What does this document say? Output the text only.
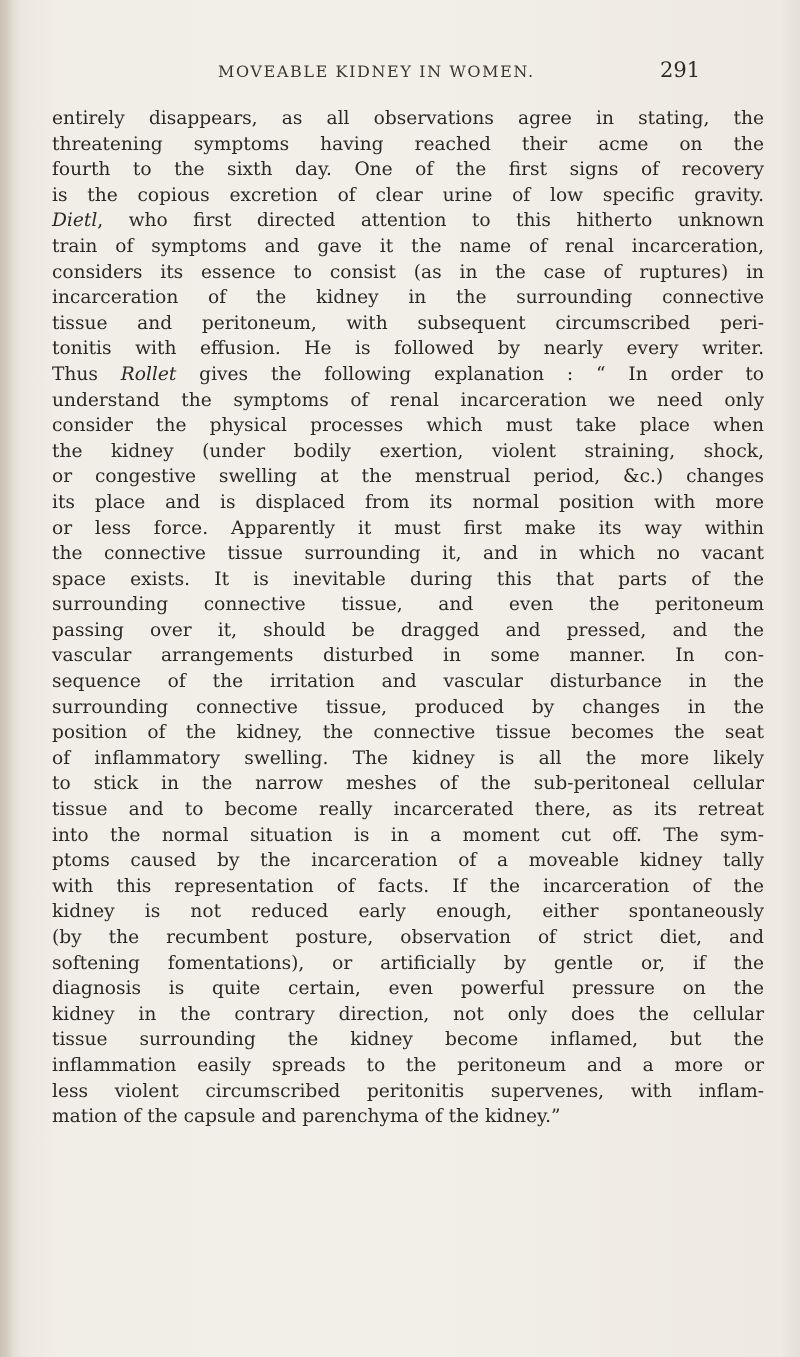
MOVEABLE KIDNEY IN WOMEN.	291
entirely disappears, as all observations agree in stating, the
threatening symptoms having reached their acme on the
fourth to the sixth day. One of the first signs of recovery
is the copious excretion of clear urine of low specific gravity.
Dietl, who first directed attention to this hitherto unknown
train of symptoms and gave it the name of renal incarceration,
considers its essence to consist (as in the case of ruptures) in
incarceration of the kidney in the surrounding connective
tissue and peritoneum, with subsequent circumscribed peri-
tonitis with effusion. He is followed by nearly every writer.
Thus Rollet gives the following explanation : “ In order to
understand the symptoms of renal incarceration we need only
consider the physical processes which must take place when
the kidney (under bodily exertion, violent straining, shock,
or congestive swelling at the menstrual period, &c.) changes
its place and is displaced from its normal position with more
or less force. Apparently it must first make its way within
the connective tissue surrounding it, and in which no vacant
space exists. It is inevitable during this that parts of the
surrounding connective tissue, and even the peritoneum
passing over it, should be dragged and pressed, and the
vascular arrangements disturbed in some manner. In con-
sequence of the irritation and vascular disturbance in the
surrounding connective tissue, produced by changes in the
position of the kidney, the connective tissue becomes the seat
of inflammatory swelling. The kidney is all the more likely
to stick in the narrow meshes of the sub-peritoneal cellular
tissue and to become really incarcerated there, as its retreat
into the normal situation is in a moment cut off. The sym-
ptoms caused by the incarceration of a moveable kidney tally
with this representation of facts. If the incarceration of the
kidney is not reduced early enough, either spontaneously
(by the recumbent posture, observation of strict diet, and
softening fomentations), or artificially by gentle or, if the
diagnosis is quite certain, even powerful pressure on the
kidney in the contrary direction, not only does the cellular
tissue surrounding the kidney become inflamed, but the
inflammation easily spreads to the peritoneum and a more or
less violent circumscribed peritonitis supervenes, with inflam-
mation of the capsule and parenchyma of the kidney.”
